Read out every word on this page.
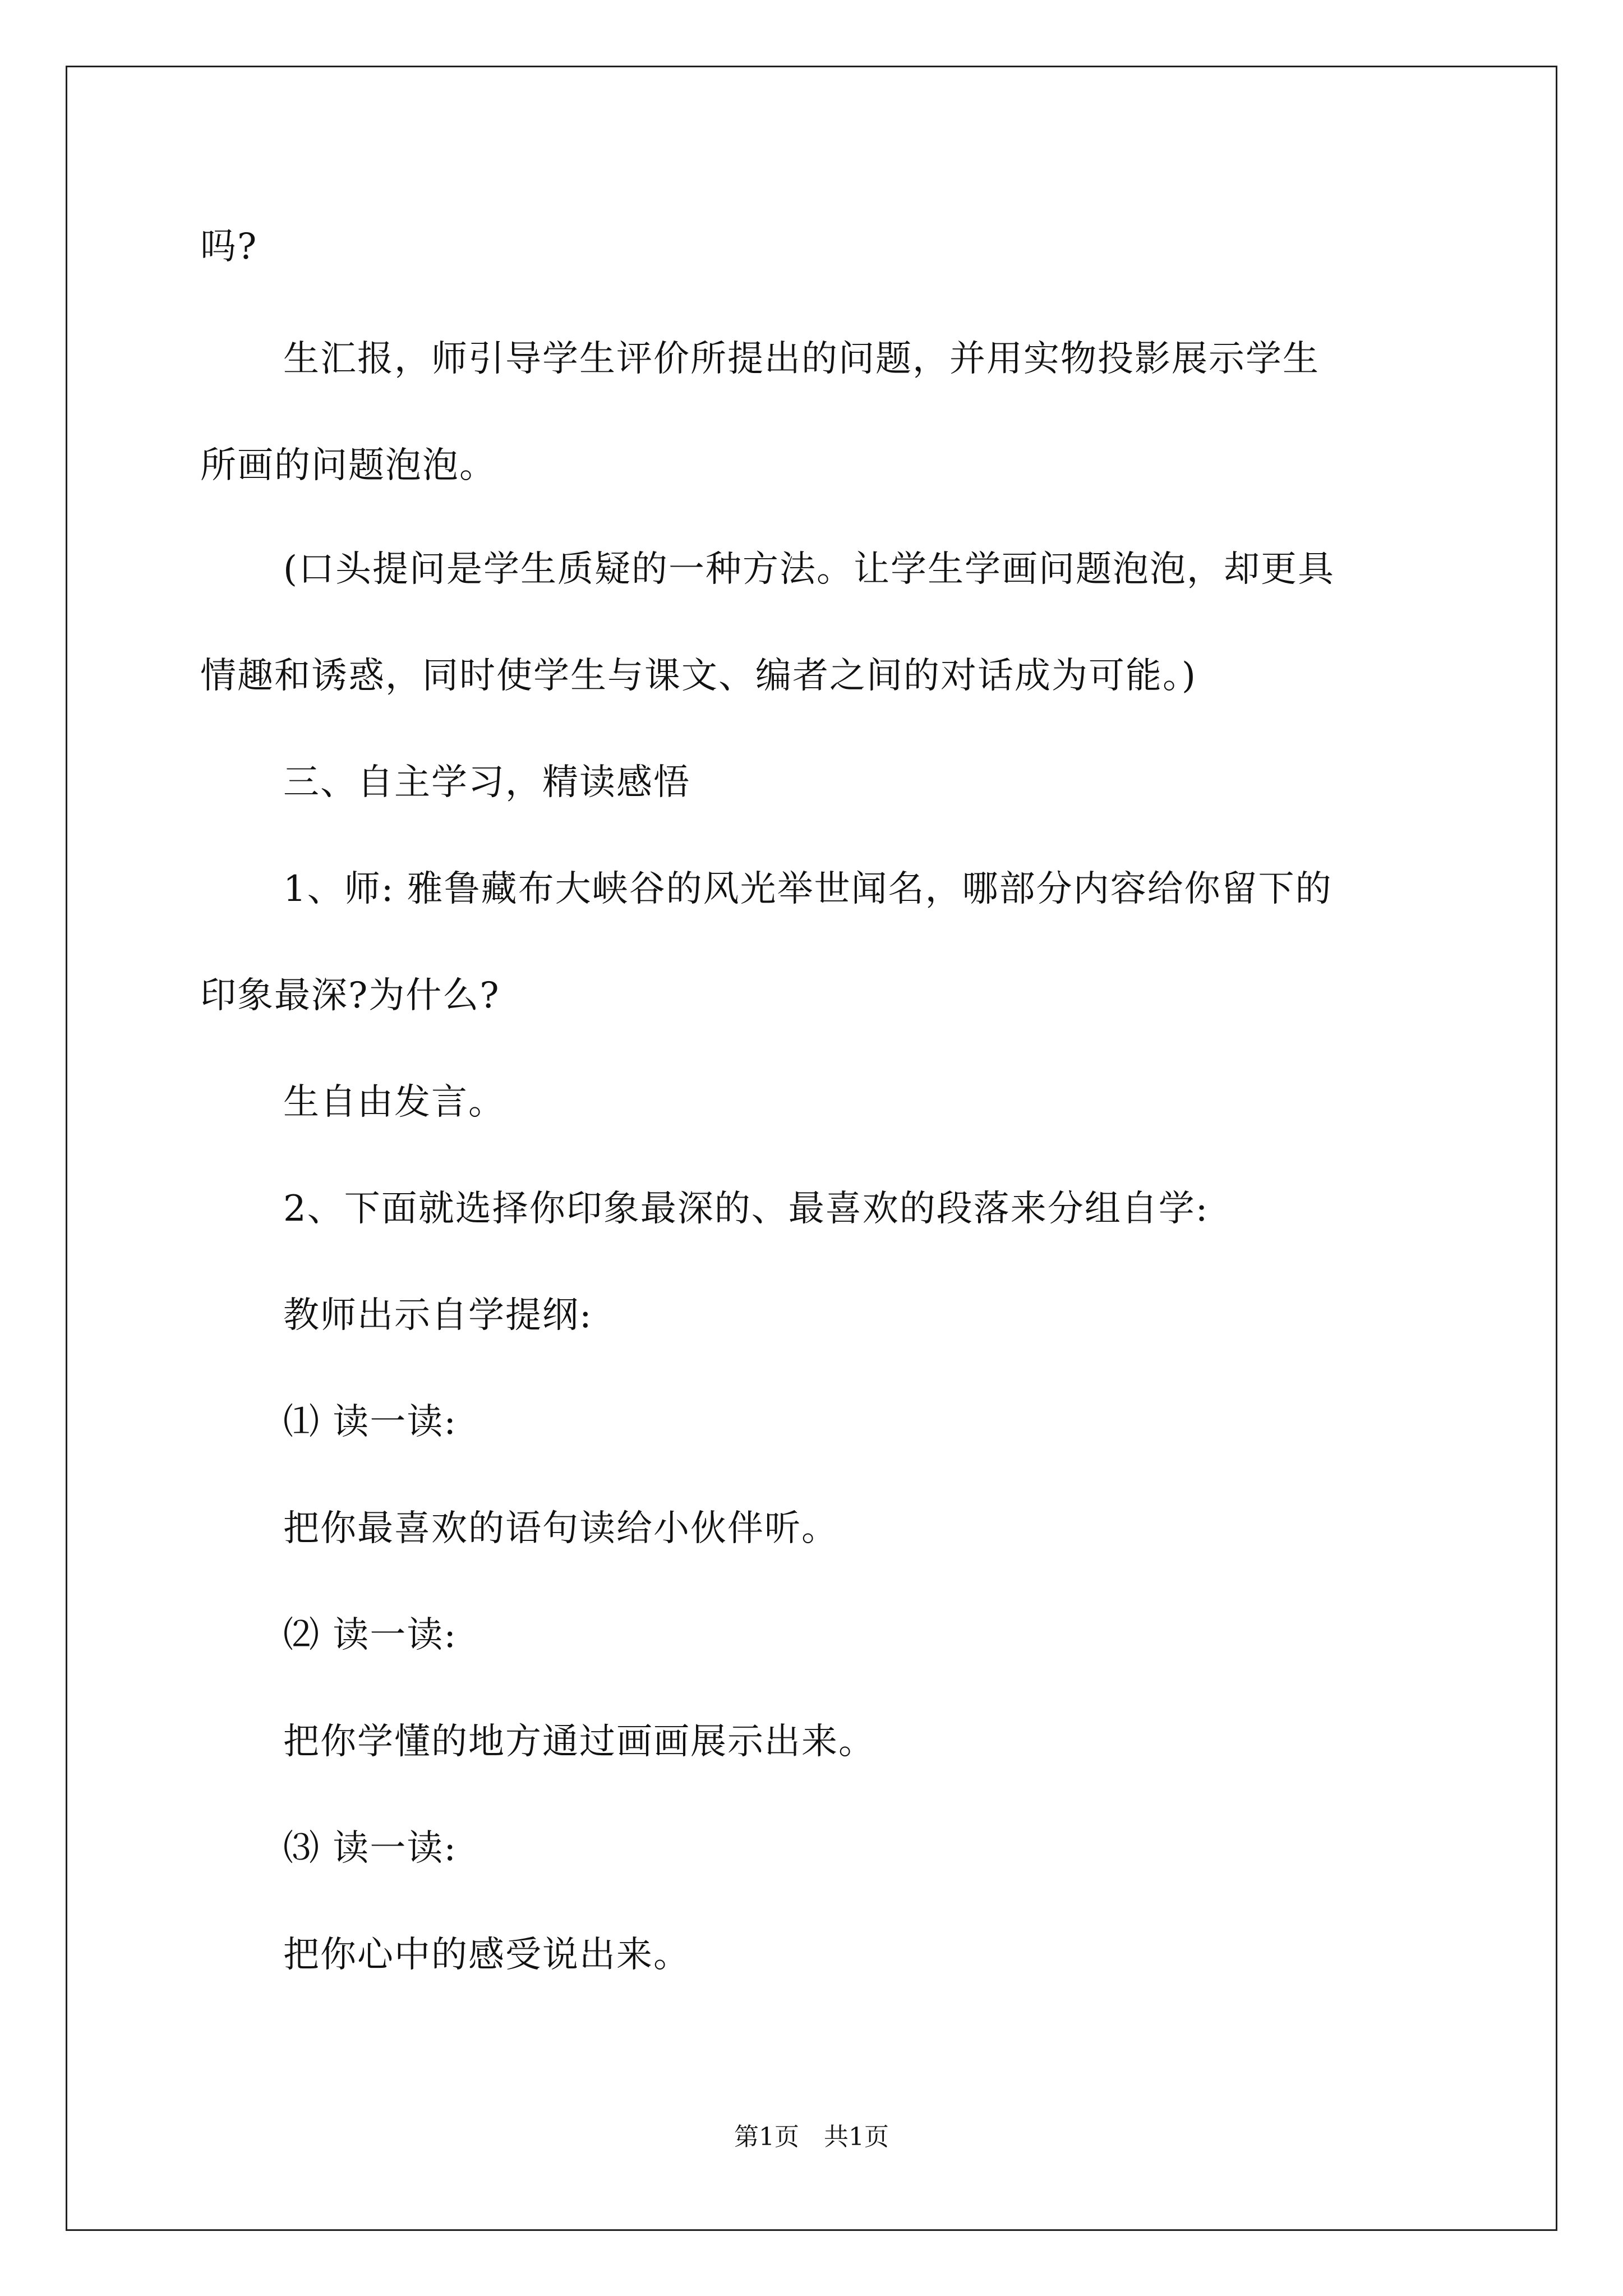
吗?
生汇报，师引导学生评价所提出的问题，并用实物投影展示学生
所画的问题泡泡。
(口头提问是学生质疑的一种方法。让学生学画问题泡泡，却更具
情趣和诱惑，同时使学生与课文、编者之间的对话成为可能。)
三、自主学习，精读感悟
1、师: 雅鲁藏布大峡谷的风光举世闻名，哪部分内容给你留下的
印象最深?为什么?
生自由发言。
2、下面就选择你印象最深的、最喜欢的段落来分组自学:
教师出示自学提纲:
⑴ 读一读:
把你最喜欢的语句读给小伙伴听。
⑵ 读一读:
把你学懂的地方通过画画展示出来。
⑶ 读一读:
把你心中的感受说出来。
第1页　共1页
